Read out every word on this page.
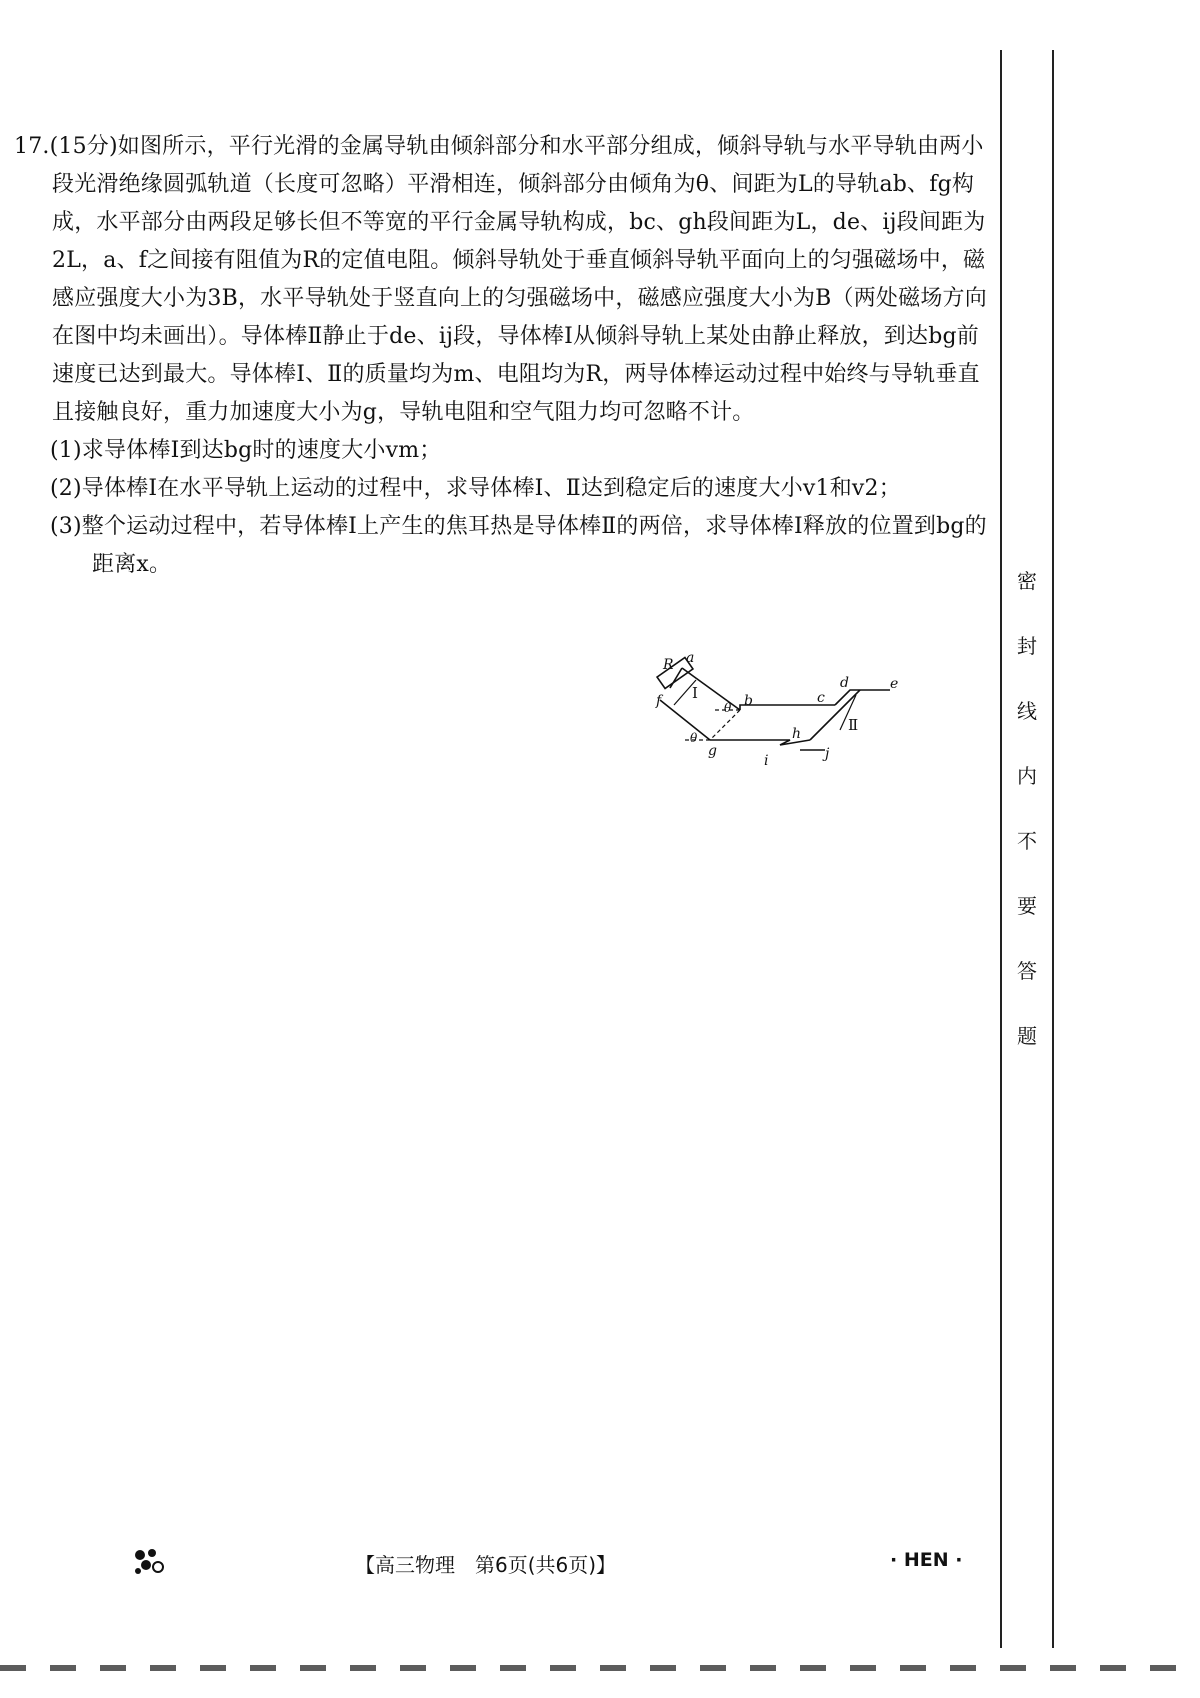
17.(15分)如图所示，平行光滑的金属导轨由倾斜部分和水平部分组成，倾斜导轨与水平导轨由两小段光滑绝缘圆弧轨道（长度可忽略）平滑相连，倾斜部分由倾角为θ、间距为L的导轨ab、fg构成，水平部分由两段足够长但不等宽的平行金属导轨构成，bc、gh段间距为L，de、ij段间距为2L，a、f之间接有阻值为R的定值电阻。倾斜导轨处于垂直倾斜导轨平面向上的匀强磁场中，磁感应强度大小为3B，水平导轨处于竖直向上的匀强磁场中，磁感应强度大小为B（两处磁场方向在图中均未画出）。导体棒Ⅱ静止于de、ij段，导体棒Ⅰ从倾斜导轨上某处由静止释放，到达bg前速度已达到最大。导体棒Ⅰ、Ⅱ的质量均为m、电阻均为R，两导体棒运动过程中始终与导轨垂直且接触良好，重力加速度大小为g，导轨电阻和空气阻力均可忽略不计。

(1)求导体棒Ⅰ到达bg时的速度大小vm；

(2)导体棒Ⅰ在水平导轨上运动的过程中，求导体棒Ⅰ、Ⅱ达到稳定后的速度大小v1和v2；

(3)整个运动过程中，若导体棒Ⅰ上产生的焦耳热是导体棒Ⅱ的两倍，求导体棒Ⅰ释放的位置到bg的距离x。

R a
b	c
d	e
f
g
h
i	j
θ
θ
Ⅰ
Ⅱ
密
封
线
内
不
要
答
题
【高三物理　第6页(共6页)】	· HEN ·
